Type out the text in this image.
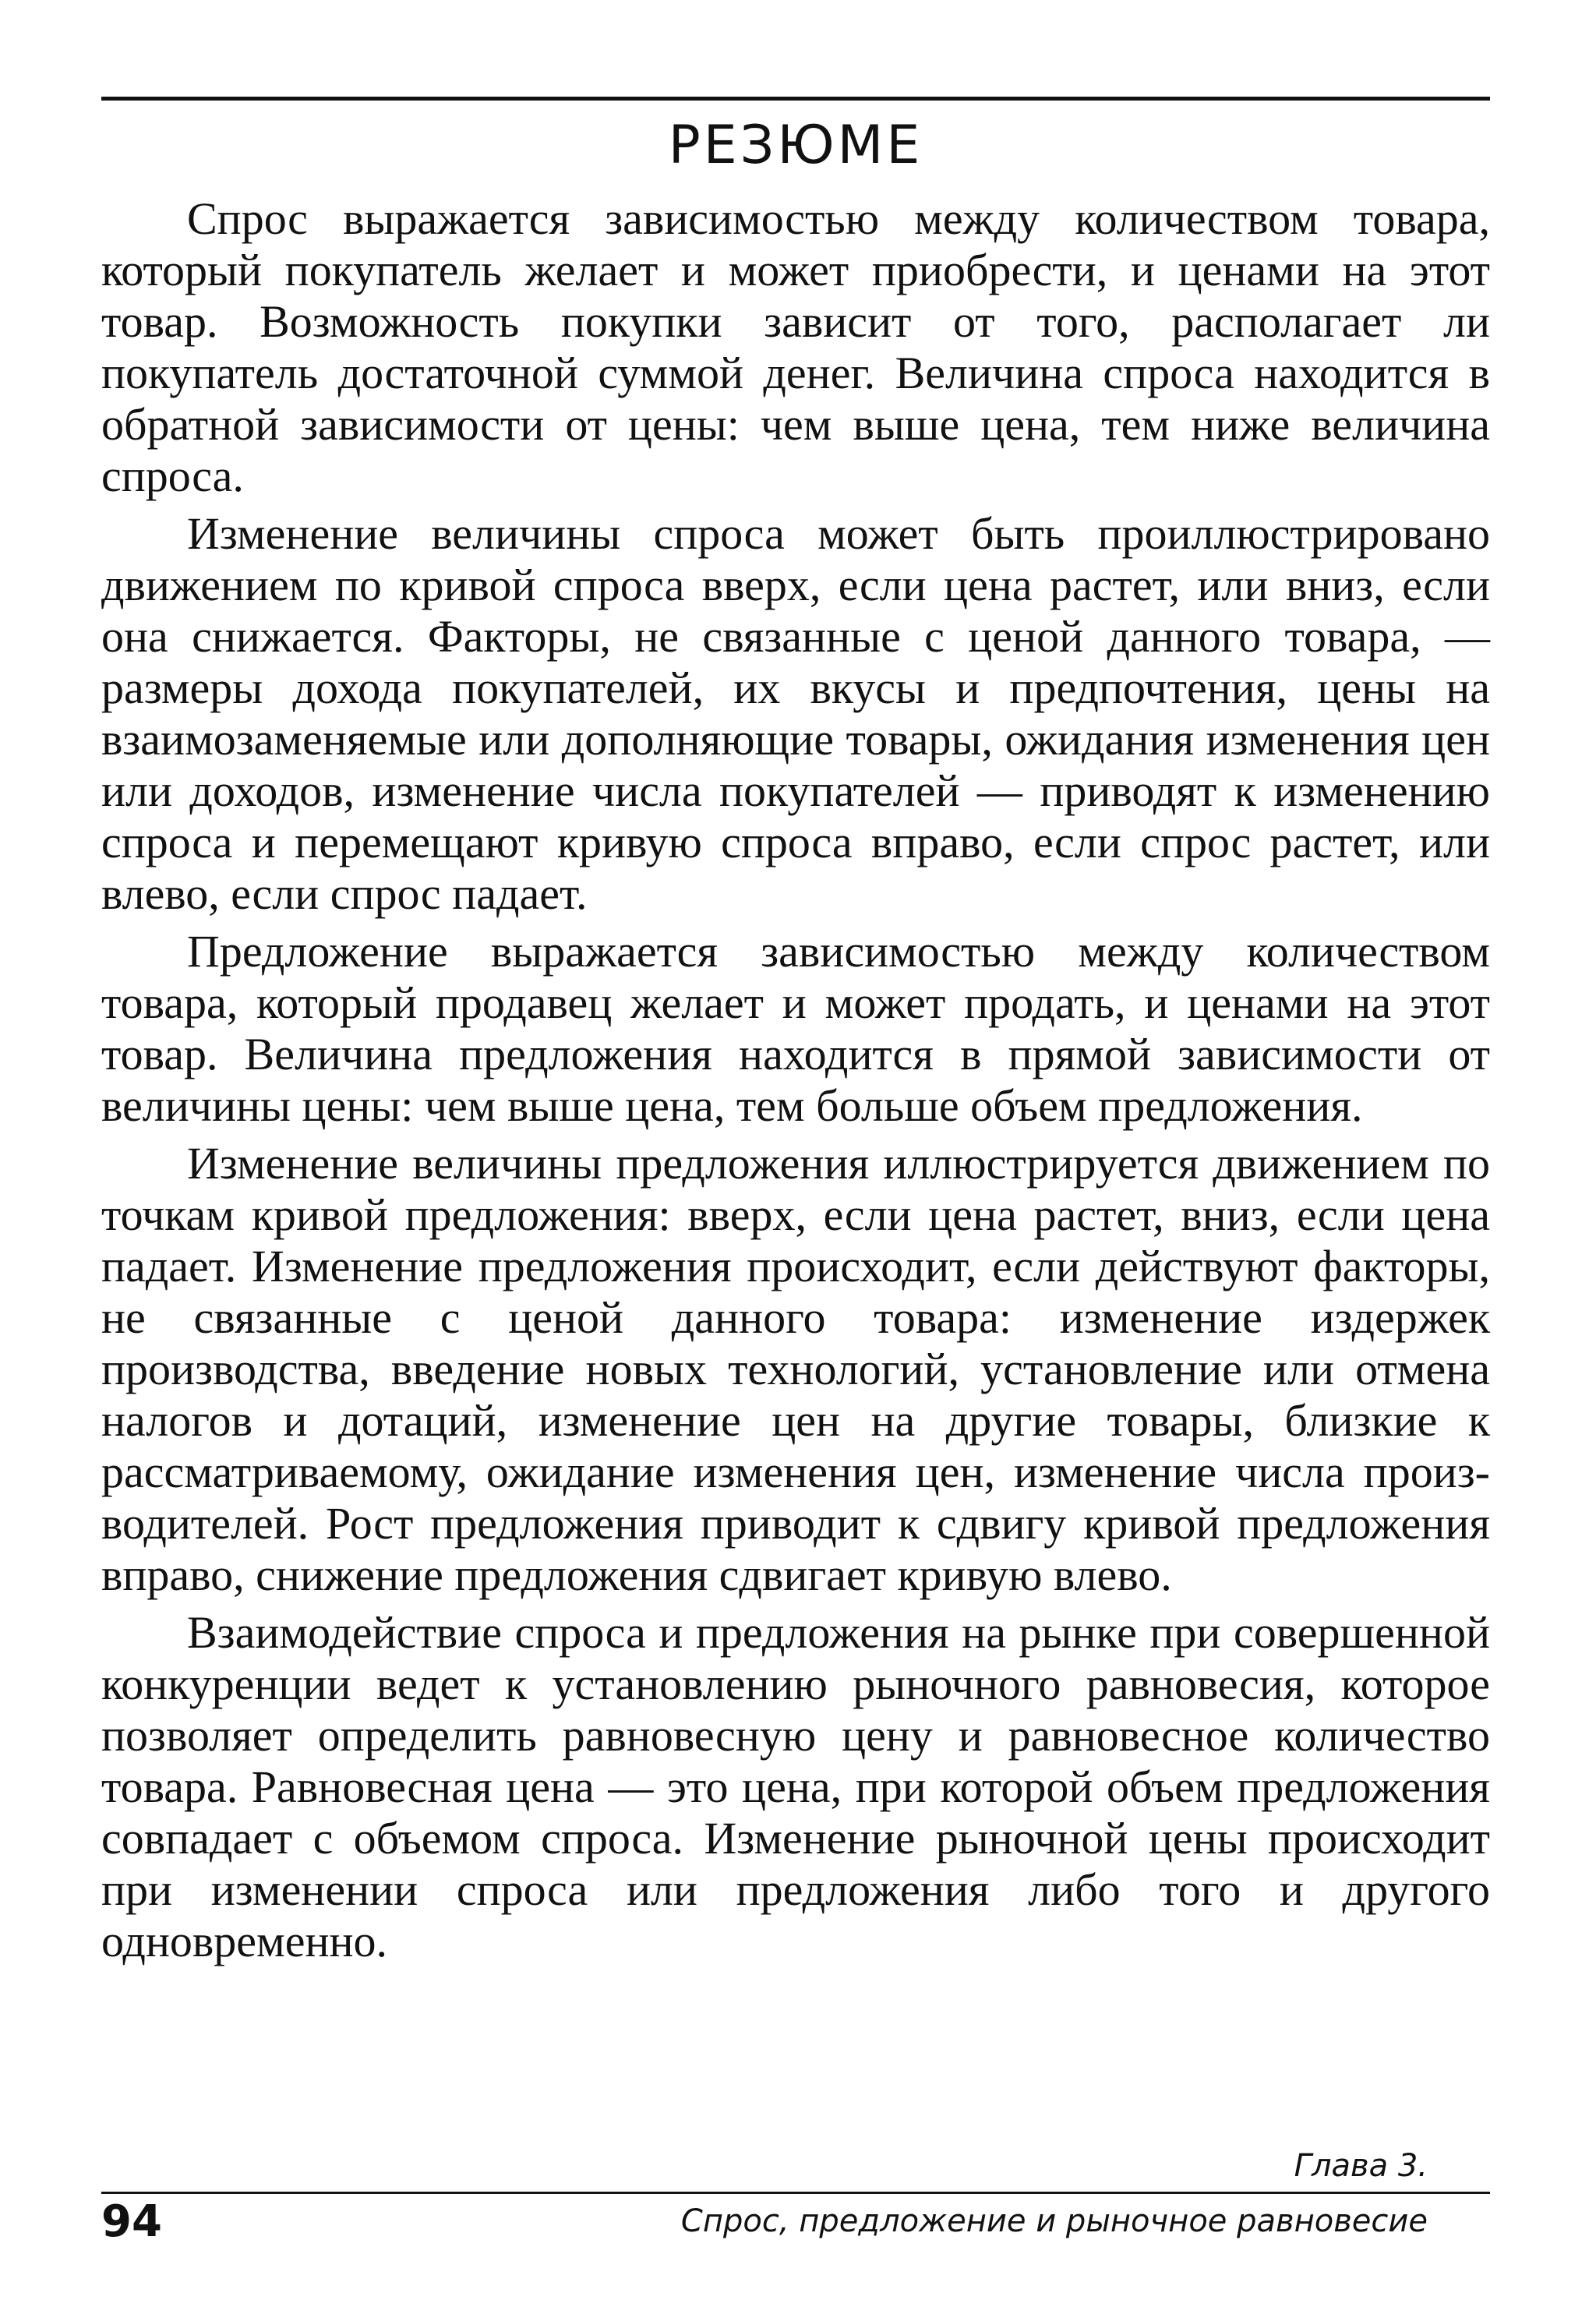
РЕЗЮМЕ

Спрос выражается зависимостью между количеством товара, который покупатель желает и может приобрести, и ценами на этот товар. Возможность покупки зависит от того, располагает ли покупатель достаточной суммой денег. Величина спроса находится в обратной зависимости от цены: чем выше цена, тем ниже величина спроса.

Изменение величины спроса может быть проиллюстрировано движением по кривой спроса вверх, если цена растет, или вниз, если она снижается. Факторы, не связанные с ценой данного товара, — размеры дохода покупателей, их вкусы и предпочтения, цены на взаимозаменяемые или дополняющие товары, ожидания изменения цен или доходов, изменение числа покупателей — приводят к изменению спроса и перемещают кривую спроса вправо, если спрос растет, или влево, если спрос падает.

Предложение выражается зависимостью между количеством товара, который продавец желает и может продать, и ценами на этот товар. Величина предложения находится в прямой зависимости от величины цены: чем выше цена, тем больше объем предложения.

Изменение величины предложения иллюстрируется движением по точкам кривой предложения: вверх, если цена растет, вниз, если цена падает. Изменение предложения происходит, если действуют факторы, не связанные с ценой данного товара: изменение издержек производства, введение новых технологий, установление или отмена налогов и дотаций, изменение цен на другие товары, близкие к рассматриваемому, ожидание изменения цен, изменение числа производителей. Рост предложения приводит к сдвигу кривой предложения вправо, снижение предложения сдвигает кривую влево.

Взаимодействие спроса и предложения на рынке при совершенной конкуренции ведет к установлению рыночного равновесия, которое позволяет определить равновесную цену и равновесное количество товара. Равновесная цена — это цена, при которой объем предложения совпадает с объемом спроса. Изменение рыночной цены происходит при изменении спроса или предложения либо того и другого одновременно.

Глава 3.
94	Спрос, предложение и рыночное равновесие
